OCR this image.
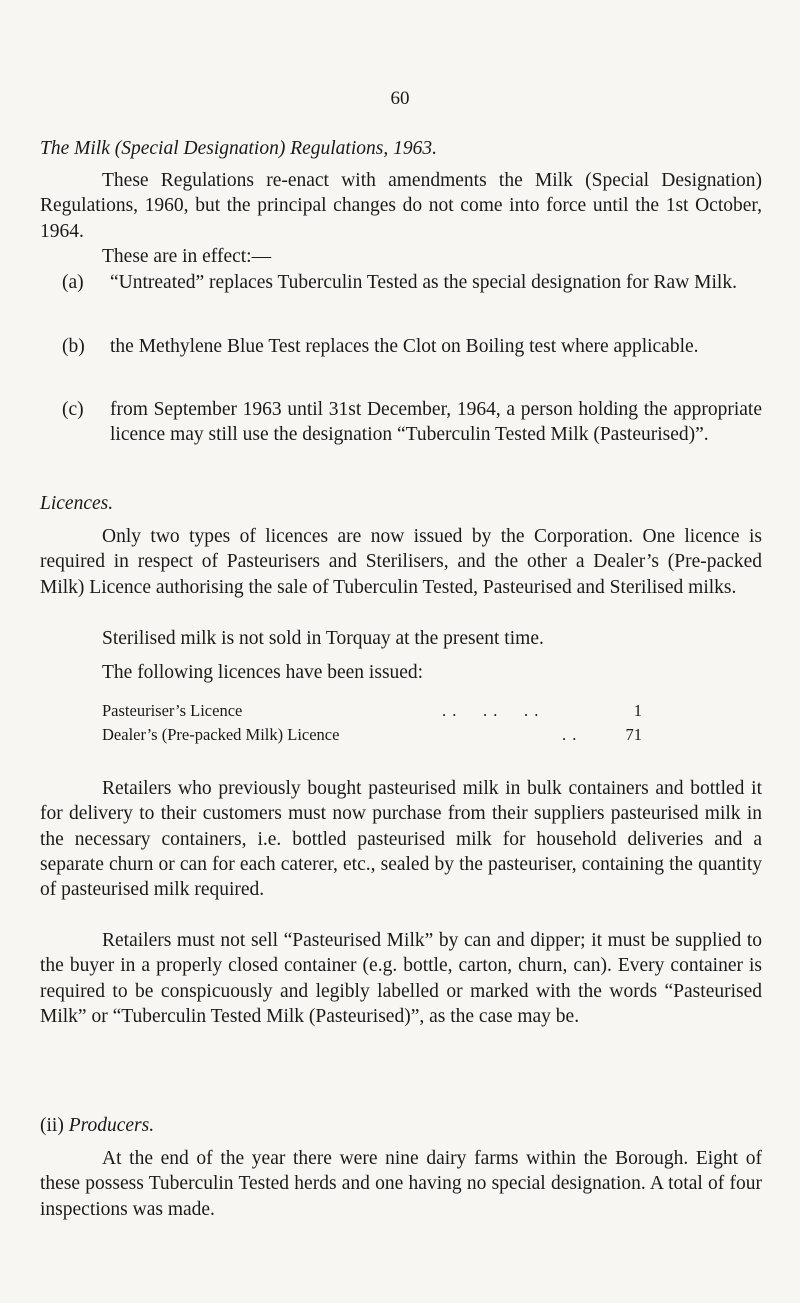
60
The Milk (Special Designation) Regulations, 1963.
These Regulations re-enact with amendments the Milk (Special Designation) Regulations, 1960, but the principal changes do not come into force until the 1st October, 1964.
These are in effect:—
(a) “Untreated” replaces Tuberculin Tested as the special designation for Raw Milk.
(b) the Methylene Blue Test replaces the Clot on Boiling test where applicable.
(c) from September 1963 until 31st December, 1964, a person holding the appropriate licence may still use the designation “Tuberculin Tested Milk (Pasteurised)”.
Licences.
Only two types of licences are now issued by the Corporation. One licence is required in respect of Pasteurisers and Sterilisers, and the other a Dealer’s (Pre-packed Milk) Licence authorising the sale of Tuberculin Tested, Pasteurised and Sterilised milks.
Sterilised milk is not sold in Torquay at the present time.
The following licences have been issued:
Pasteuriser’s Licence	. .     . .     . .	1
Dealer’s (Pre-packed Milk) Licence	. .	71
Retailers who previously bought pasteurised milk in bulk containers and bottled it for delivery to their customers must now purchase from their suppliers pasteurised milk in the necessary containers, i.e. bottled pasteurised milk for household deliveries and a separate churn or can for each caterer, etc., sealed by the pasteuriser, containing the quantity of pasteurised milk required.
Retailers must not sell “Pasteurised Milk” by can and dipper; it must be supplied to the buyer in a properly closed container (e.g. bottle, carton, churn, can). Every container is required to be conspicuously and legibly labelled or marked with the words “Pasteurised Milk” or “Tuberculin Tested Milk (Pasteurised)”, as the case may be.
(ii) Producers.
At the end of the year there were nine dairy farms within the Borough. Eight of these possess Tuberculin Tested herds and one having no special designation. A total of four inspections was made.
